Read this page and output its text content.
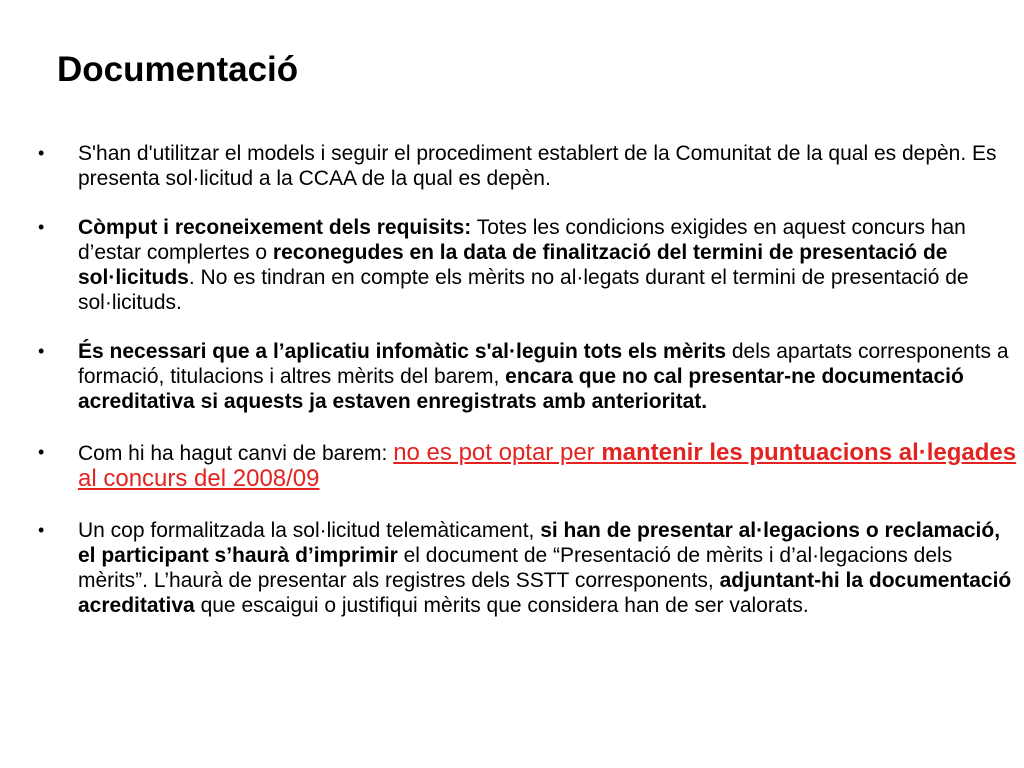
Documentació
• S'han d'utilitzar el models i seguir el procediment establert de la Comunitat de la qual es depèn. Es presenta sol·licitud a la CCAA de la qual es depèn.
• Còmput i reconeixement dels requisits: Totes les condicions exigides en aquest concurs han d’estar complertes o reconegudes en la data de finalització del termini de presentació de sol·licituds. No es tindran en compte els mèrits no al·legats durant el termini de presentació de sol·licituds.
• És necessari que a l’aplicatiu infomàtic s'al·leguin tots els mèrits dels apartats corresponents a formació, titulacions i altres mèrits del barem, encara que no cal presentar-ne documentació acreditativa si aquests ja estaven enregistrats amb anterioritat.
• Com hi ha hagut canvi de barem: no es pot optar per mantenir les puntuacions al·legades al concurs del 2008/09
• Un cop formalitzada la sol·licitud telemàticament, si han de presentar al·legacions o reclamació, el participant s’haurà d’imprimir el document de “Presentació de mèrits i d’al·legacions dels mèrits”. L’haurà de presentar als registres dels SSTT corresponents, adjuntant-hi la documentació acreditativa que escaigui o justifiqui mèrits que considera han de ser valorats.
